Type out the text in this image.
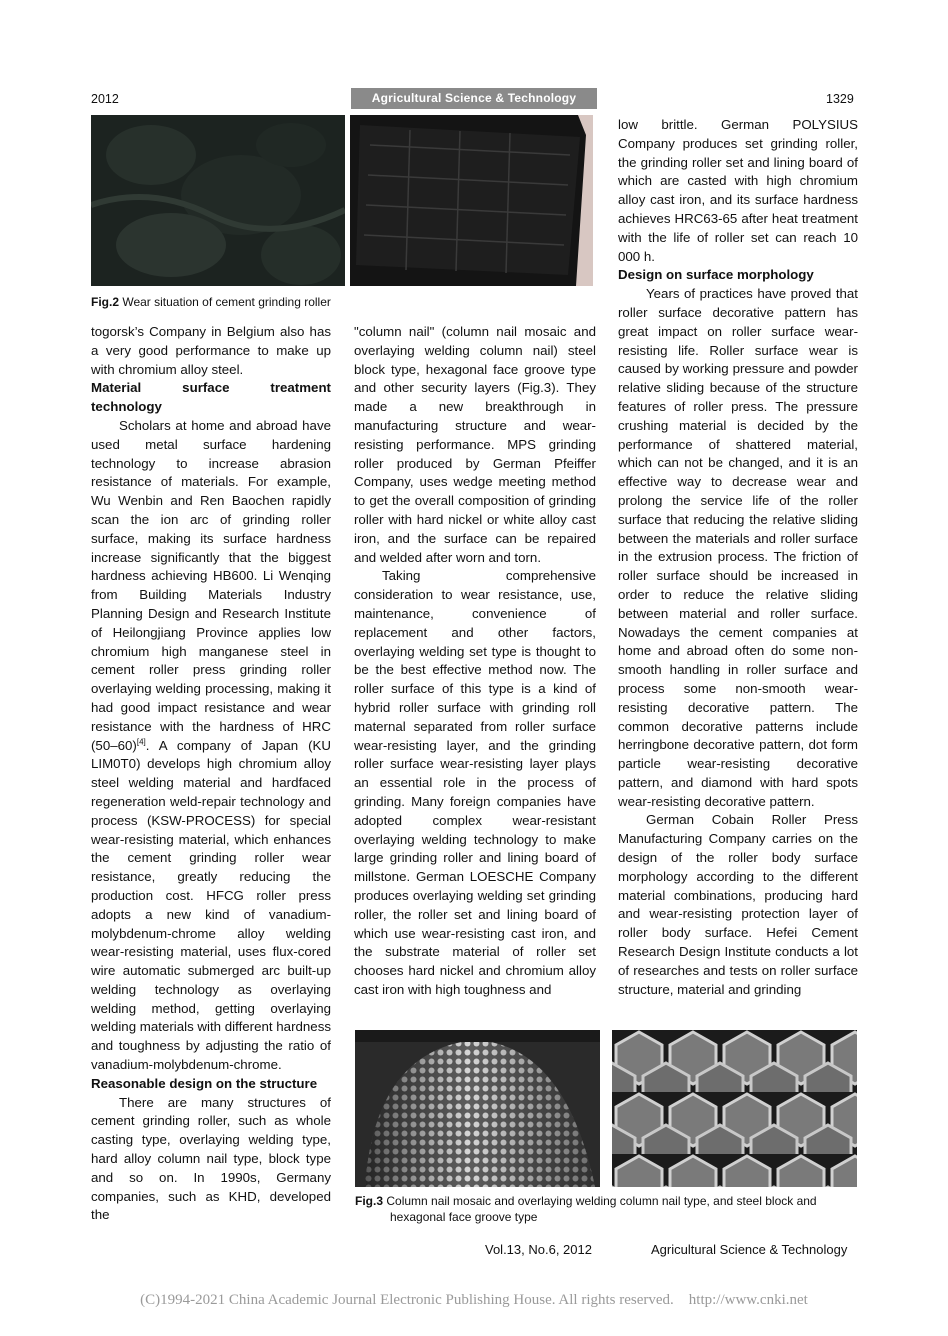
2012	Agricultural Science & Technology	1329
Fig.2 Wear situation of cement grinding roller

togorsk’s Company in Belgium also has a very good performance to make up with chromium alloy steel.

Material surface treatment technology

Scholars at home and abroad have used metal surface hardening technology to increase abrasion resistance of materials. For example, Wu Wenbin and Ren Baochen rapidly scan the ion arc of grinding roller surface, making its surface hardness increase significantly that the biggest hardness achieving HB600. Li Wenqing from Building Materials Industry Planning Design and Research Institute of Heilongjiang Province applies low chromium high manganese steel in cement roller press grinding roller overlaying welding processing, making it had good impact resistance and wear resistance with the hardness of HRC (50–60)[4]. A company of Japan (KU LIM0T0) develops high chromium alloy steel welding material and hardfaced regeneration weld-repair technology and process (KSW-PROCESS) for special wear-resisting material, which enhances the cement grinding roller wear resistance, greatly reducing the production cost. HFCG roller press adopts a new kind of vanadium-molybdenum-chrome alloy welding wear-resisting material, uses flux-cored wire automatic submerged arc built-up welding technology as overlaying welding method, getting overlaying welding materials with different hardness and toughness by adjusting the ratio of vanadium-molybdenum-chrome.

Reasonable design on the structure

There are many structures of cement grinding roller, such as whole casting type, overlaying welding type, hard alloy column nail type, block type and so on. In 1990s, Germany companies, such as KHD, developed the

"column nail" (column nail mosaic and overlaying welding column nail) steel block type, hexagonal face groove type and other security layers (Fig.3). They made a new breakthrough in manufacturing structure and wear-resisting performance. MPS grinding roller produced by German Pfeiffer Company, uses wedge meeting method to get the overall composition of grinding roller with hard nickel or white alloy cast iron, and the surface can be repaired and welded after worn and torn.

Taking comprehensive consideration to wear resistance, use, maintenance, convenience of replacement and other factors, overlaying welding set type is thought to be the best effective method now. The roller surface of this type is a kind of hybrid roller surface with grinding roll maternal separated from roller surface wear-resisting layer, and the grinding roller surface wear-resisting layer plays an essential role in the process of grinding. Many foreign companies have adopted complex wear-resistant overlaying welding technology to make large grinding roller and lining board of millstone. German LOESCHE Company produces overlaying welding set grinding roller, the roller set and lining board of which use wear-resisting cast iron, and the substrate material of roller set chooses hard nickel and chromium alloy cast iron with high toughness and

low brittle. German POLYSIUS Company produces set grinding roller, the grinding roller set and lining board of which are casted with high chromium alloy cast iron, and its surface hardness achieves HRC63-65 after heat treatment with the life of roller set can reach 10 000 h.

Design on surface morphology

Years of practices have proved that roller surface decorative pattern has great impact on roller surface wear-resisting life. Roller surface wear is caused by working pressure and powder relative sliding because of the structure features of roller press. The pressure crushing material is decided by the performance of shattered material, which can not be changed, and it is an effective way to decrease wear and prolong the service life of the roller surface that reducing the relative sliding between the materials and roller surface in the extrusion process. The friction of roller surface should be increased in order to reduce the relative sliding between material and roller surface. Nowadays the cement companies at home and abroad often do some non-smooth handling in roller surface and process some non-smooth wear-resisting decorative pattern. The common decorative patterns include herringbone decorative pattern, dot form particle wear-resisting decorative pattern, and diamond with hard spots wear-resisting decorative pattern.

German Cobain Roller Press Manufacturing Company carries on the design of the roller body surface morphology according to the different material combinations, producing hard and wear-resisting protection layer of roller body surface. Hefei Cement Research Design Institute conducts a lot of researches and tests on roller surface structure, material and grinding

Fig.3 Column nail mosaic and overlaying welding column nail type, and steel block and hexagonal face groove type
Vol.13, No.6, 2012	Agricultural Science & Technology
(C)1994-2021 China Academic Journal Electronic Publishing House. All rights reserved.    http://www.cnki.net
